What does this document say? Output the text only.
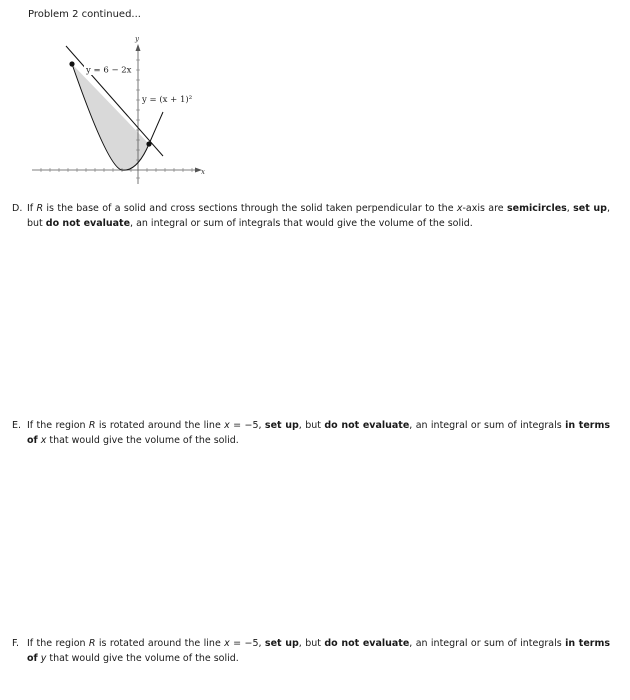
Problem 2 continued...
x
y
y = 6 − 2x
y = (x + 1)²
D. If R is the base of a solid and cross sections through the solid taken perpendicular to the x-axis are semicircles, set up, but do not evaluate, an integral or sum of integrals that would give the volume of the solid.
E. If the region R is rotated around the line x = −5, set up, but do not evaluate, an integral or sum of integrals in terms of x that would give the volume of the solid.
F. If the region R is rotated around the line x = −5, set up, but do not evaluate, an integral or sum of integrals in terms of y that would give the volume of the solid.
